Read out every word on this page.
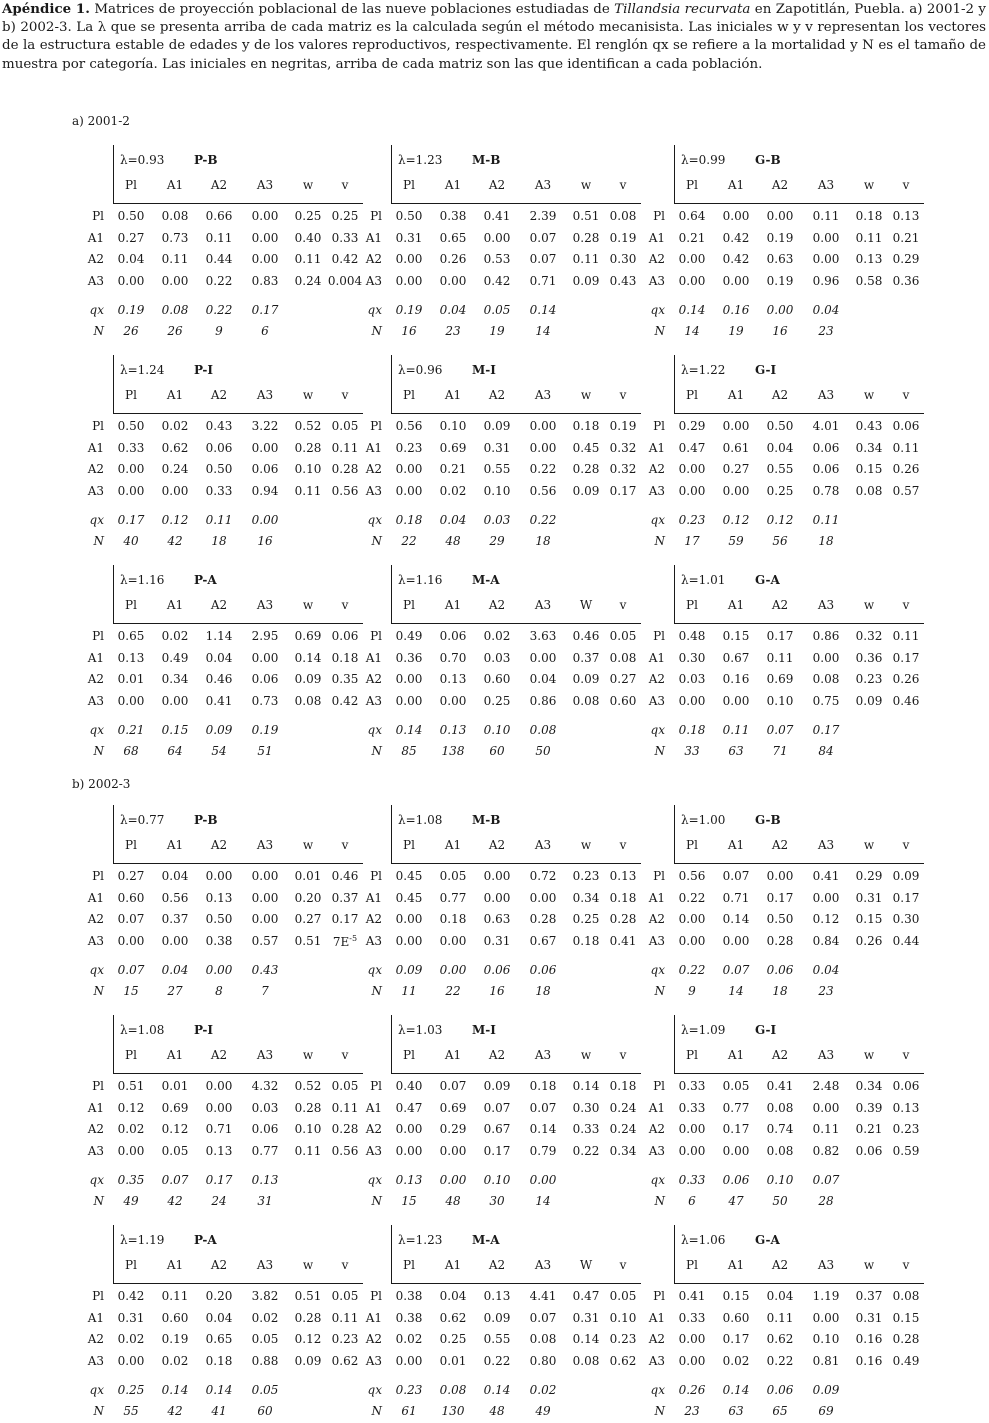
Apéndice 1. Matrices de proyección poblacional de las nueve poblaciones estudiadas de Tillandsia recurvata en Zapotitlán, Puebla. a) 2001-2 y b) 2002-3. La λ que se presenta arriba de cada matriz es la calculada según el método mecanisista. Las iniciales w y v representan los vectores de la estructura estable de edades y de los valores reproductivos, respectivamente. El renglón qx se refiere a la mortalidad y N es el tamaño de muestra por categoría. Las iniciales en negritas, arriba de cada matriz son las que identifican a cada población.
a) 2001-2
b) 2002-3
λ=0.93 P-B
Pl	A1	A2	A3	w	v
Pl	0.50	0.08	0.66	0.00	0.25 0.25
A1	0.27	0.73	0.11	0.00	0.40 0.33
A2	0.04	0.11	0.44	0.00	0.11 0.42
A3	0.00	0.00	0.22	0.83	0.24 0.004
qx	0.19	0.08	0.22	0.17
N	26	26	9	6
λ=1.23 M-B
Pl	A1	A2	A3	w	v
Pl	0.50	0.38	0.41	2.39	0.51 0.08
A1	0.31	0.65	0.00	0.07	0.28 0.19
A2	0.00	0.26	0.53	0.07	0.11 0.30
A3	0.00	0.00	0.42	0.71	0.09 0.43
qx	0.19	0.04	0.05	0.14
N	16	23	19	14
λ=0.99 G-B
Pl	A1	A2	A3	w	v
Pl	0.64	0.00	0.00	0.11	0.18 0.13
A1	0.21	0.42	0.19	0.00	0.11 0.21
A2	0.00	0.42	0.63	0.00	0.13 0.29
A3	0.00	0.00	0.19	0.96	0.58 0.36
qx	0.14	0.16	0.00	0.04
N	14	19	16	23
λ=1.24 P-I
Pl	A1	A2	A3	w	v
Pl	0.50	0.02	0.43	3.22	0.52 0.05
A1	0.33	0.62	0.06	0.00	0.28 0.11
A2	0.00	0.24	0.50	0.06	0.10 0.28
A3	0.00	0.00	0.33	0.94	0.11 0.56
qx	0.17	0.12	0.11	0.00
N	40	42	18	16
λ=0.96 M-I
Pl	A1	A2	A3	w	v
Pl	0.56	0.10	0.09	0.00	0.18 0.19
A1	0.23	0.69	0.31	0.00	0.45 0.32
A2	0.00	0.21	0.55	0.22	0.28 0.32
A3	0.00	0.02	0.10	0.56	0.09 0.17
qx	0.18	0.04	0.03	0.22
N	22	48	29	18
λ=1.22 G-I
Pl	A1	A2	A3	w	v
Pl	0.29	0.00	0.50	4.01	0.43 0.06
A1	0.47	0.61	0.04	0.06	0.34 0.11
A2	0.00	0.27	0.55	0.06	0.15 0.26
A3	0.00	0.00	0.25	0.78	0.08 0.57
qx	0.23	0.12	0.12	0.11
N	17	59	56	18
λ=1.16 P-A
Pl	A1	A2	A3	w	v
Pl	0.65	0.02	1.14	2.95	0.69 0.06
A1	0.13	0.49	0.04	0.00	0.14 0.18
A2	0.01	0.34	0.46	0.06	0.09 0.35
A3	0.00	0.00	0.41	0.73	0.08 0.42
qx	0.21	0.15	0.09	0.19
N	68	64	54	51
λ=1.16 M-A
Pl	A1	A2	A3	W	v
Pl	0.49	0.06	0.02	3.63	0.46 0.05
A1	0.36	0.70	0.03	0.00	0.37 0.08
A2	0.00	0.13	0.60	0.04	0.09 0.27
A3	0.00	0.00	0.25	0.86	0.08 0.60
qx	0.14	0.13	0.10	0.08
N	85	138	60	50
λ=1.01 G-A
Pl	A1	A2	A3	w	v
Pl	0.48	0.15	0.17	0.86	0.32 0.11
A1	0.30	0.67	0.11	0.00	0.36 0.17
A2	0.03	0.16	0.69	0.08	0.23 0.26
A3	0.00	0.00	0.10	0.75	0.09 0.46
qx	0.18	0.11	0.07	0.17
N	33	63	71	84
λ=0.77 P-B
Pl	A1	A2	A3	w	v
Pl	0.27	0.04	0.00	0.00	0.01 0.46
A1	0.60	0.56	0.13	0.00	0.20 0.37
A2	0.07	0.37	0.50	0.00	0.27 0.17
A3	0.00	0.00	0.38	0.57	0.51 $7E^{-5}$
qx	0.07	0.04	0.00	0.43
N	15	27	8	7
λ=1.08 M-B
Pl	A1	A2	A3	w	v
Pl	0.45	0.05	0.00	0.72	0.23 0.13
A1	0.45	0.77	0.00	0.00	0.34 0.18
A2	0.00	0.18	0.63	0.28	0.25 0.28
A3	0.00	0.00	0.31	0.67	0.18 0.41
qx	0.09	0.00	0.06	0.06
N	11	22	16	18
λ=1.00 G-B
Pl	A1	A2	A3	w	v
Pl	0.56	0.07	0.00	0.41	0.29 0.09
A1	0.22	0.71	0.17	0.00	0.31 0.17
A2	0.00	0.14	0.50	0.12	0.15 0.30
A3	0.00	0.00	0.28	0.84	0.26 0.44
qx	0.22	0.07	0.06	0.04
N	9	14	18	23
λ=1.08 P-I
Pl	A1	A2	A3	w	v
Pl	0.51	0.01	0.00	4.32	0.52 0.05
A1	0.12	0.69	0.00	0.03	0.28 0.11
A2	0.02	0.12	0.71	0.06	0.10 0.28
A3	0.00	0.05	0.13	0.77	0.11 0.56
qx	0.35	0.07	0.17	0.13
N	49	42	24	31
λ=1.03 M-I
Pl	A1	A2	A3	w	v
Pl	0.40	0.07	0.09	0.18	0.14 0.18
A1	0.47	0.69	0.07	0.07	0.30 0.24
A2	0.00	0.29	0.67	0.14	0.33 0.24
A3	0.00	0.00	0.17	0.79	0.22 0.34
qx	0.13	0.00	0.10	0.00
N	15	48	30	14
λ=1.09 G-I
Pl	A1	A2	A3	w	v
Pl	0.33	0.05	0.41	2.48	0.34 0.06
A1	0.33	0.77	0.08	0.00	0.39 0.13
A2	0.00	0.17	0.74	0.11	0.21 0.23
A3	0.00	0.00	0.08	0.82	0.06 0.59
qx	0.33	0.06	0.10	0.07
N	6	47	50	28
λ=1.19 P-A
Pl	A1	A2	A3	w	v
Pl	0.42	0.11	0.20	3.82	0.51 0.05
A1	0.31	0.60	0.04	0.02	0.28 0.11
A2	0.02	0.19	0.65	0.05	0.12 0.23
A3	0.00	0.02	0.18	0.88	0.09 0.62
qx	0.25	0.14	0.14	0.05
N	55	42	41	60
λ=1.23 M-A
Pl	A1	A2	A3	W	v
Pl	0.38	0.04	0.13	4.41	0.47 0.05
A1	0.38	0.62	0.09	0.07	0.31 0.10
A2	0.02	0.25	0.55	0.08	0.14 0.23
A3	0.00	0.01	0.22	0.80	0.08 0.62
qx	0.23	0.08	0.14	0.02
N	61	130	48	49
λ=1.06 G-A
Pl	A1	A2	A3	w	v
Pl	0.41	0.15	0.04	1.19	0.37 0.08
A1	0.33	0.60	0.11	0.00	0.31 0.15
A2	0.00	0.17	0.62	0.10	0.16 0.28
A3	0.00	0.02	0.22	0.81	0.16 0.49
qx	0.26	0.14	0.06	0.09
N	23	63	65	69
